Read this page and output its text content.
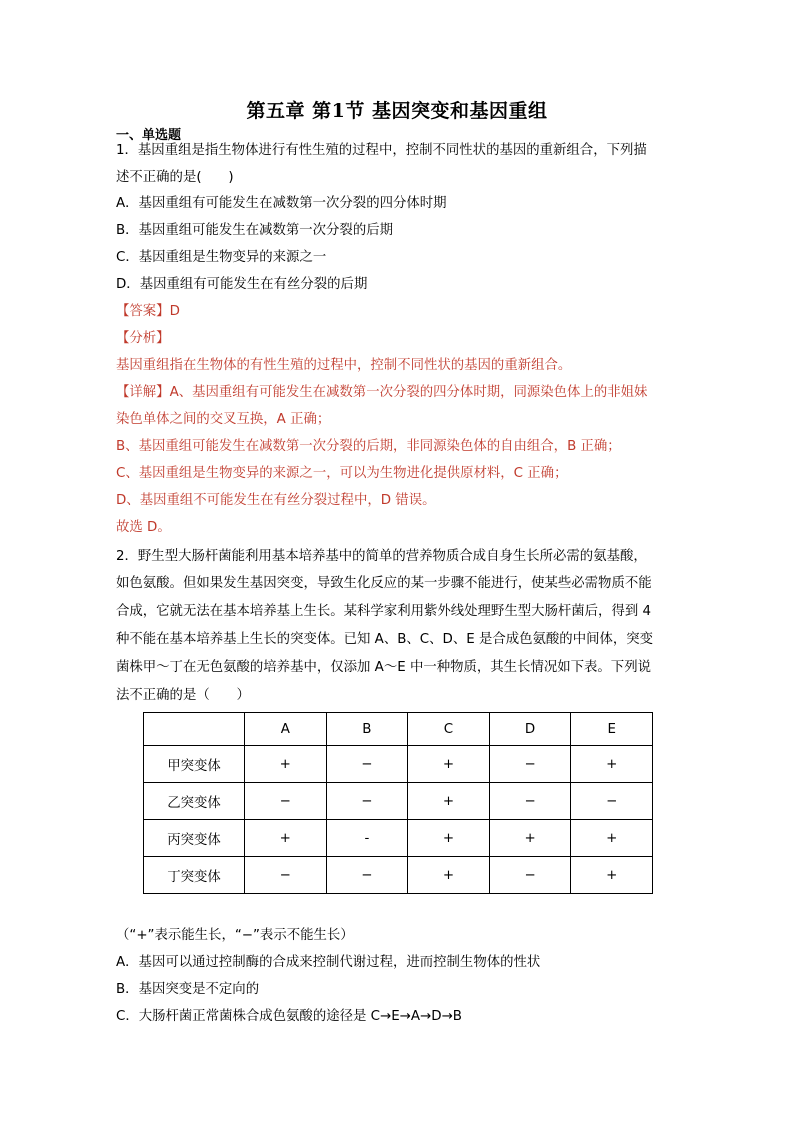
第五章 第1节 基因突变和基因重组
一、单选题
1．基因重组是指生物体进行有性生殖的过程中，控制不同性状的基因的重新组合，下列描
述不正确的是(　　)
A．基因重组有可能发生在减数第一次分裂的四分体时期
B．基因重组可能发生在减数第一次分裂的后期
C．基因重组是生物变异的来源之一
D．基因重组有可能发生在有丝分裂的后期
【答案】D
【分析】
基因重组指在生物体的有性生殖的过程中，控制不同性状的基因的重新组合。
【详解】A、基因重组有可能发生在减数第一次分裂的四分体时期，同源染色体上的非姐妹
染色单体之间的交叉互换，A 正确；
B、基因重组可能发生在减数第一次分裂的后期，非同源染色体的自由组合，B 正确；
C、基因重组是生物变异的来源之一，可以为生物进化提供原材料，C 正确；
D、基因重组不可能发生在有丝分裂过程中，D 错误。
故选 D。
2．野生型大肠杆菌能利用基本培养基中的简单的营养物质合成自身生长所必需的氨基酸，
如色氨酸。但如果发生基因突变，导致生化反应的某一步骤不能进行，使某些必需物质不能
合成，它就无法在基本培养基上生长。某科学家利用紫外线处理野生型大肠杆菌后，得到 4
种不能在基本培养基上生长的突变体。已知 A、B、C、D、E 是合成色氨酸的中间体，突变
菌株甲～丁在无色氨酸的培养基中，仅添加 A～E 中一种物质，其生长情况如下表。下列说
法不正确的是（　　）
	A	B	C	D	E
甲突变体	+	−	+	−	+
乙突变体	−	−	+	−	−
丙突变体	+	-	+	+	+
丁突变体	−	−	+	−	+
（“+”表示能生长，“−”表示不能生长）
A．基因可以通过控制酶的合成来控制代谢过程，进而控制生物体的性状
B．基因突变是不定向的
C．大肠杆菌正常菌株合成色氨酸的途径是 C→E→A→D→B
